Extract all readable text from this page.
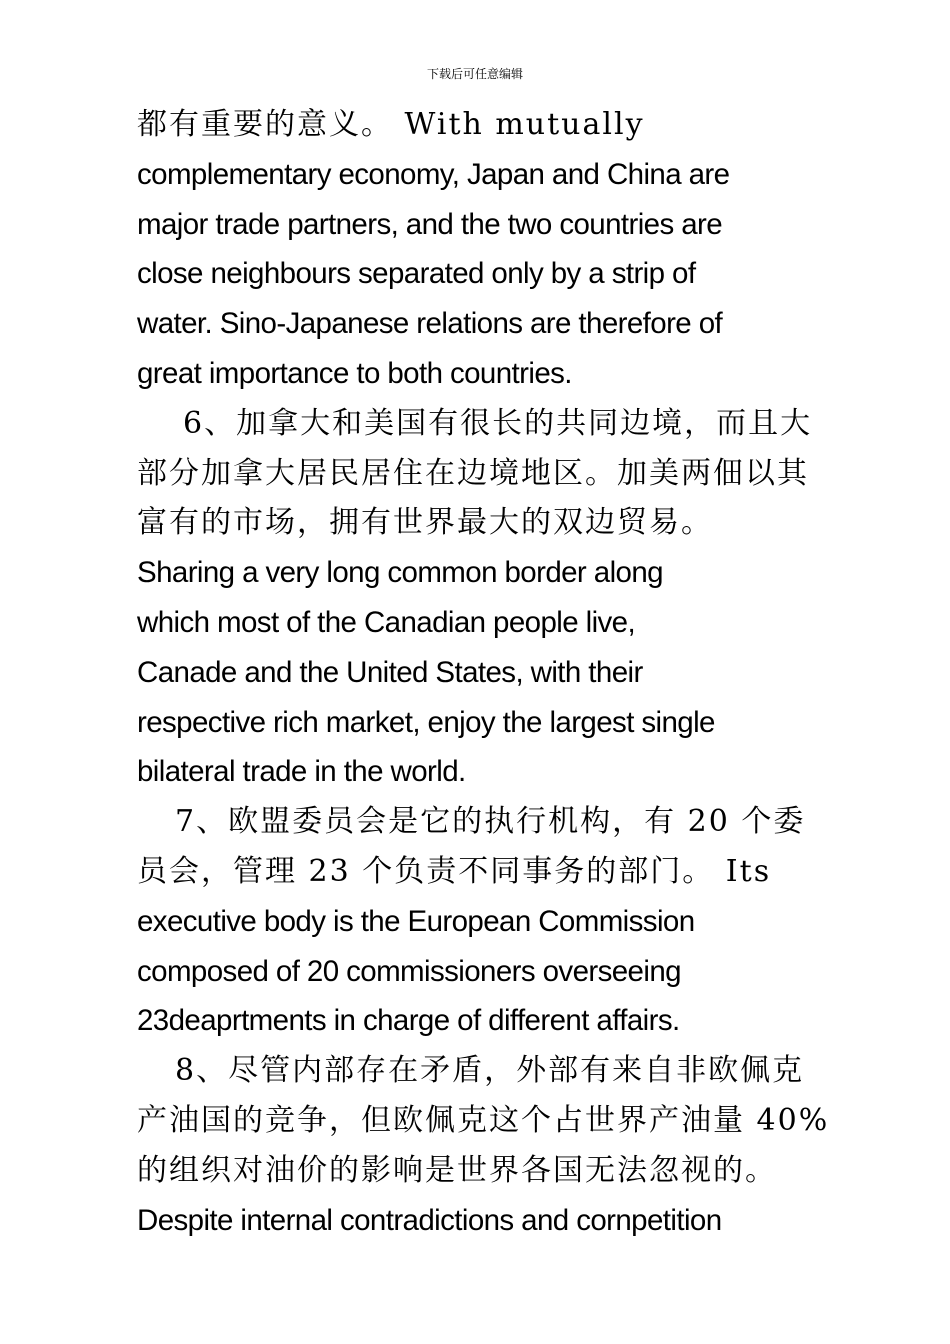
下载后可任意编辑
都有重要的意义。 With mutually
complementary economy, Japan and China are
major trade partners, and the two countries are
close neighbours separated only by a strip of
water. Sino-Japanese relations are therefore of
great importance to both countries.
6、加拿大和美国有很长的共同边境，而且大
部分加拿大居民居住在边境地区。加美两佃以其
富有的市场，拥有世界最大的双边贸易。
Sharing a very long common border along
which most of the Canadian people live,
Canade and the United States, with their
respective rich market, enjoy the largest single
bilateral trade in the world.
7、欧盟委员会是它的执行机构，有 20 个委
员会，管理 23 个负责不同事务的部门。 Its
executive body is the European Commission
composed of 20 commissioners overseeing
23deaprtments in charge of different affairs.
8、尽管内部存在矛盾，外部有来自非欧佩克
产油国的竞争，但欧佩克这个占世界产油量 40%
的组织对油价的影响是世界各国无法忽视的。
Despite internal contradictions and cornpetition
